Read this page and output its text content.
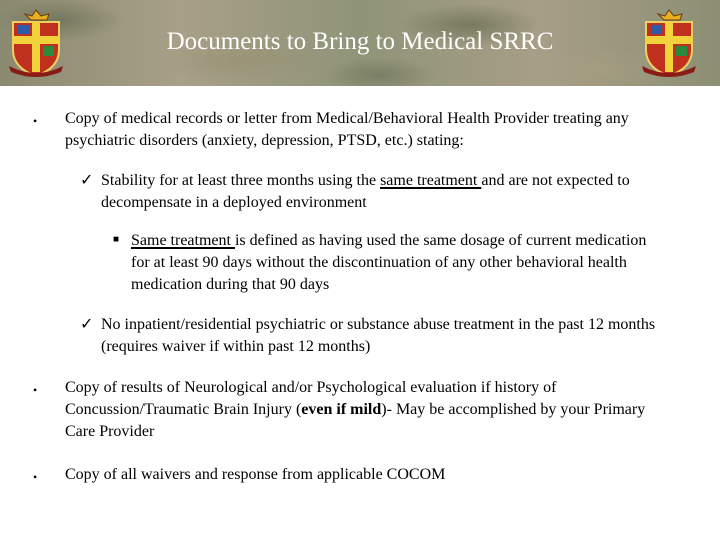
Documents to Bring to Medical SRRC
• Copy of medical records or letter from Medical/Behavioral Health Provider treating any psychiatric disorders (anxiety, depression, PTSD, etc.) stating:
✓ Stability for at least three months using the same treatment and are not expected to decompensate in a deployed environment
■ Same treatment is defined as having used the same dosage of current medication for at least 90 days without the discontinuation of any other behavioral health medication during that 90 days
✓ No inpatient/residential psychiatric or substance abuse treatment in the past 12 months (requires waiver if within past 12 months)
• Copy of results of Neurological and/or Psychological evaluation if history of Concussion/Traumatic Brain Injury (even if mild)- May be accomplished by your Primary Care Provider
• Copy of all waivers and response from applicable COCOM
